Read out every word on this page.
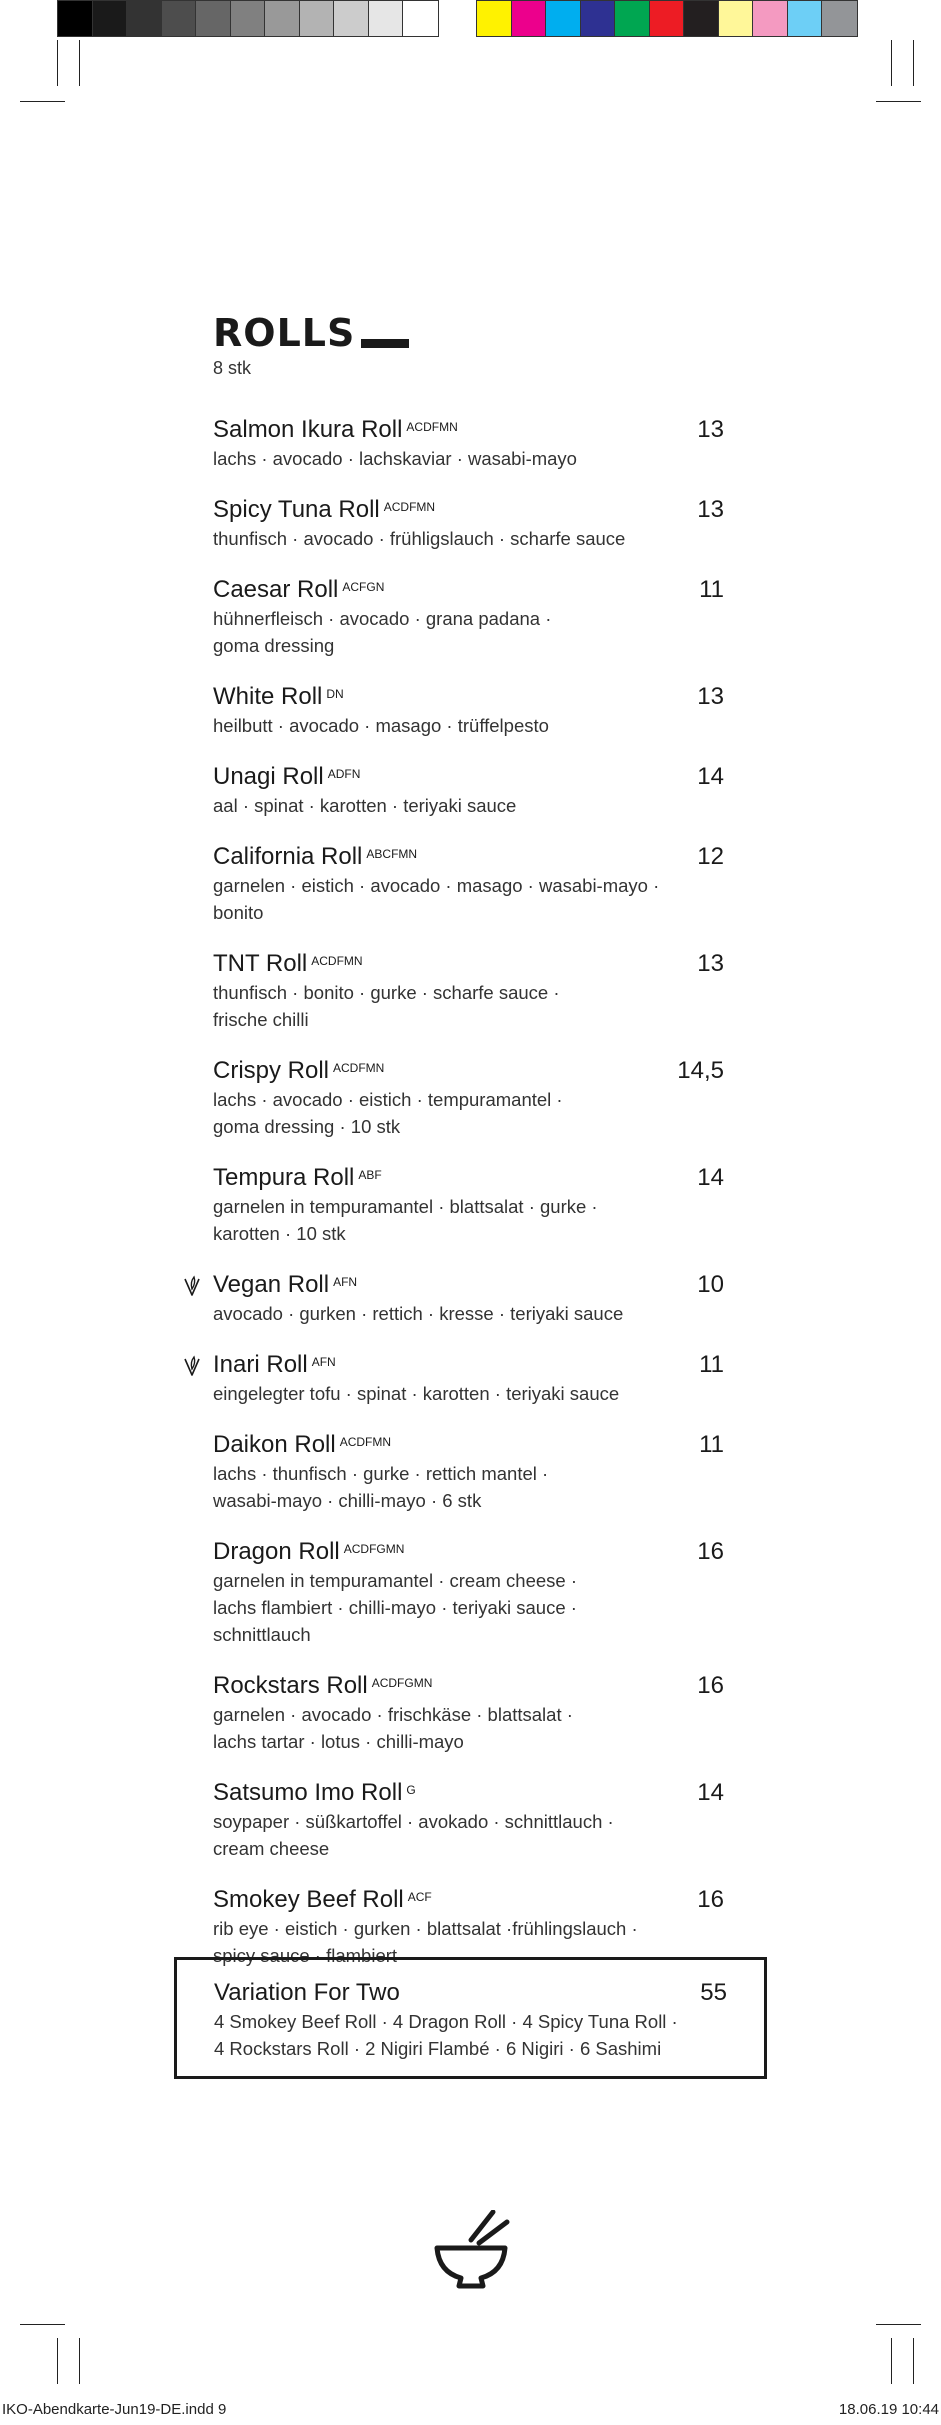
ROLLS
8 stk
Salmon Ikura Roll $^{ACDFMN}$	13
lachs · avocado · lachskaviar · wasabi-mayo
Spicy Tuna Roll $^{ACDFMN}$	13
thunfisch · avocado · frühligslauch · scharfe sauce
Caesar Roll $^{ACFGN}$	11
hühnerfleisch · avocado · grana padana ·
goma dressing
White Roll $^{DN}$	13
heilbutt · avocado · masago · trüffelpesto
Unagi Roll $^{ADFN}$	14
aal · spinat · karotten · teriyaki sauce
California Roll $^{ABCFMN}$	12
garnelen · eistich · avocado · masago · wasabi-mayo ·
bonito
TNT Roll $^{ACDFMN}$	13
thunfisch · bonito · gurke · scharfe sauce ·
frische chilli
Crispy Roll $^{ACDFMN}$	14,5
lachs · avocado · eistich · tempuramantel ·
goma dressing · 10 stk
Tempura Roll $^{ABF}$	14
garnelen in tempuramantel · blattsalat · gurke ·
karotten · 10 stk
Vegan Roll $^{AFN}$	10
avocado · gurken · rettich · kresse · teriyaki sauce
Inari Roll $^{AFN}$	11
eingelegter tofu · spinat · karotten · teriyaki sauce
Daikon Roll $^{ACDFMN}$	11
lachs · thunfisch · gurke · rettich mantel ·
wasabi-mayo · chilli-mayo · 6 stk
Dragon Roll $^{ACDFGMN}$	16
garnelen in tempuramantel · cream cheese ·
lachs flambiert · chilli-mayo · teriyaki sauce ·
schnittlauch
Rockstars Roll $^{ACDFGMN}$	16
garnelen · avocado · frischkäse · blattsalat ·
lachs tartar · lotus · chilli-mayo
Satsumo Imo Roll $^G$	14
soypaper · süßkartoffel · avokado · schnittlauch ·
cream cheese
Smokey Beef Roll $^{ACF}$	16
rib eye · eistich · gurken · blattsalat ·frühlingslauch ·
spicy sauce · flambiert
Variation For Two	55
4 Smokey Beef Roll · 4 Dragon Roll · 4 Spicy Tuna Roll ·
4 Rockstars Roll · 2 Nigiri Flambé · 6 Nigiri · 6 Sashimi
IKO-Abendkarte-Jun19-DE.indd 9	18.06.19 10:44
